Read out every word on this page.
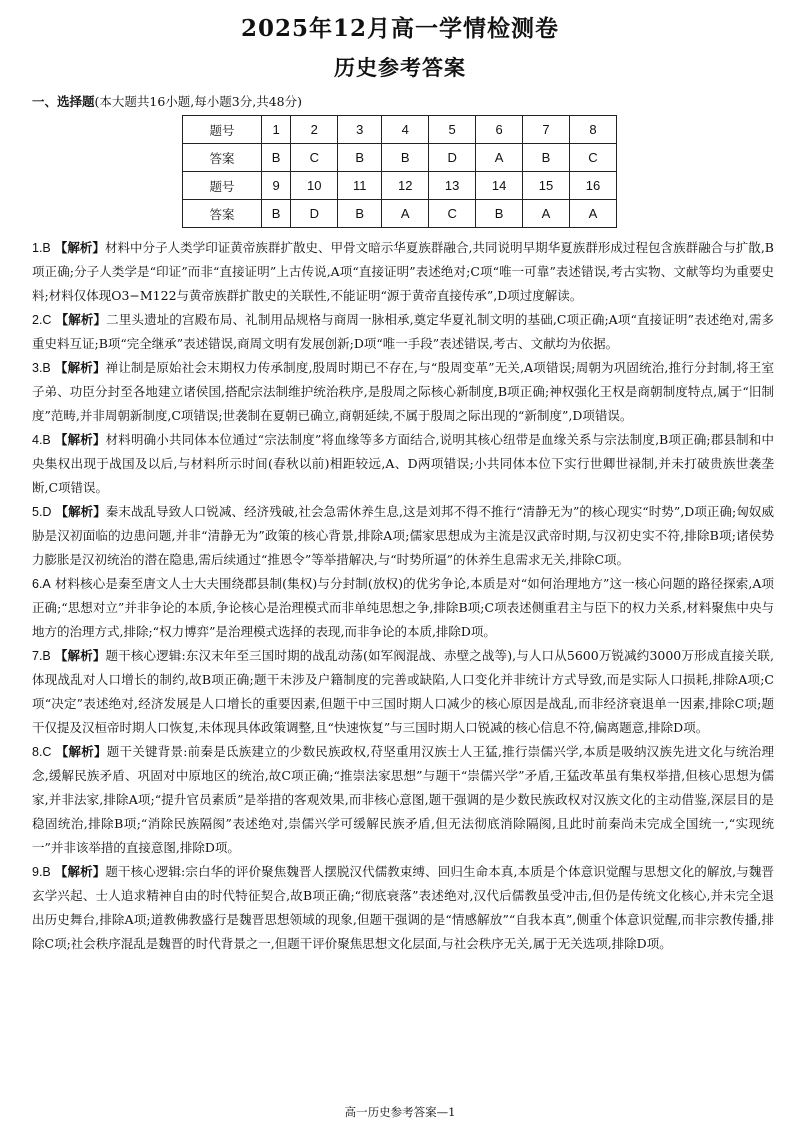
2025年12月高一学情检测卷
历史参考答案
一、选择题(本大题共16小题,每小题3分,共48分)
题号	1	2	3	4	5	6	7	8
答案	B	C	B	B	D	A	B	C
题号	9	10	11	12	13	14	15	16
答案	B	D	B	A	C	B	A	A

1.B 【解析】材料中分子人类学印证黄帝族群扩散史、甲骨文暗示华夏族群融合,共同说明早期华夏族群形成过程包含族群融合与扩散,B项正确;分子人类学是“印证”而非“直接证明”上古传说,A项“直接证明”表述绝对;C项“唯一可靠”表述错误,考古实物、文献等均为重要史料;材料仅体现O3−M122与黄帝族群扩散史的关联性,不能证明“源于黄帝直接传承”,D项过度解读。

2.C 【解析】二里头遗址的宫殿布局、礼制用品规格与商周一脉相承,奠定华夏礼制文明的基础,C项正确;A项“直接证明”表述绝对,需多重史料互证;B项“完全继承”表述错误,商周文明有发展创新;D项“唯一手段”表述错误,考古、文献均为依据。

3.B 【解析】禅让制是原始社会末期权力传承制度,殷周时期已不存在,与“殷周变革”无关,A项错误;周朝为巩固统治,推行分封制,将王室子弟、功臣分封至各地建立诸侯国,搭配宗法制维护统治秩序,是殷周之际核心新制度,B项正确;神权强化王权是商朝制度特点,属于“旧制度”范畴,并非周朝新制度,C项错误;世袭制在夏朝已确立,商朝延续,不属于殷周之际出现的“新制度”,D项错误。

4.B 【解析】材料明确小共同体本位通过“宗法制度”将血缘等多方面结合,说明其核心纽带是血缘关系与宗法制度,B项正确;郡县制和中央集权出现于战国及以后,与材料所示时间(春秋以前)相距较远,A、D两项错误;小共同体本位下实行世卿世禄制,并未打破贵族世袭垄断,C项错误。

5.D 【解析】秦末战乱导致人口锐减、经济残破,社会急需休养生息,这是刘邦不得不推行“清静无为”的核心现实“时势”,D项正确;匈奴威胁是汉初面临的边患问题,并非“清静无为”政策的核心背景,排除A项;儒家思想成为主流是汉武帝时期,与汉初史实不符,排除B项;诸侯势力膨胀是汉初统治的潜在隐患,需后续通过“推恩令”等举措解决,与“时势所逼”的休养生息需求无关,排除C项。

6.A 材料核心是秦至唐文人士大夫围绕郡县制(集权)与分封制(放权)的优劣争论,本质是对“如何治理地方”这一核心问题的路径探索,A项正确;“思想对立”并非争论的本质,争论核心是治理模式而非单纯思想之争,排除B项;C项表述侧重君主与臣下的权力关系,材料聚焦中央与地方的治理方式,排除;“权力博弈”是治理模式选择的表现,而非争论的本质,排除D项。

7.B 【解析】题干核心逻辑:东汉末年至三国时期的战乱动荡(如军阀混战、赤壁之战等),与人口从5600万锐减约3000万形成直接关联,体现战乱对人口增长的制约,故B项正确;题干未涉及户籍制度的完善或缺陷,人口变化并非统计方式导致,而是实际人口损耗,排除A项;C项“决定”表述绝对,经济发展是人口增长的重要因素,但题干中三国时期人口减少的核心原因是战乱,而非经济衰退单一因素,排除C项;题干仅提及汉桓帝时期人口恢复,未体现具体政策调整,且“快速恢复”与三国时期人口锐减的核心信息不符,偏离题意,排除D项。

8.C 【解析】题干关键背景:前秦是氐族建立的少数民族政权,苻坚重用汉族士人王猛,推行崇儒兴学,本质是吸纳汉族先进文化与统治理念,缓解民族矛盾、巩固对中原地区的统治,故C项正确;“推崇法家思想”与题干“崇儒兴学”矛盾,王猛改革虽有集权举措,但核心思想为儒家,并非法家,排除A项;“提升官员素质”是举措的客观效果,而非核心意图,题干强调的是少数民族政权对汉族文化的主动借鉴,深层目的是稳固统治,排除B项;“消除民族隔阂”表述绝对,崇儒兴学可缓解民族矛盾,但无法彻底消除隔阂,且此时前秦尚未完成全国统一,“实现统一”并非该举措的直接意图,排除D项。

9.B 【解析】题干核心逻辑:宗白华的评价聚焦魏晋人摆脱汉代儒教束缚、回归生命本真,本质是个体意识觉醒与思想文化的解放,与魏晋玄学兴起、士人追求精神自由的时代特征契合,故B项正确;“彻底衰落”表述绝对,汉代后儒教虽受冲击,但仍是传统文化核心,并未完全退出历史舞台,排除A项;道教佛教盛行是魏晋思想领域的现象,但题干强调的是“情感解放”“自我本真”,侧重个体意识觉醒,而非宗教传播,排除C项;社会秩序混乱是魏晋的时代背景之一,但题干评价聚焦思想文化层面,与社会秩序无关,属于无关选项,排除D项。

高一历史参考答案—1
